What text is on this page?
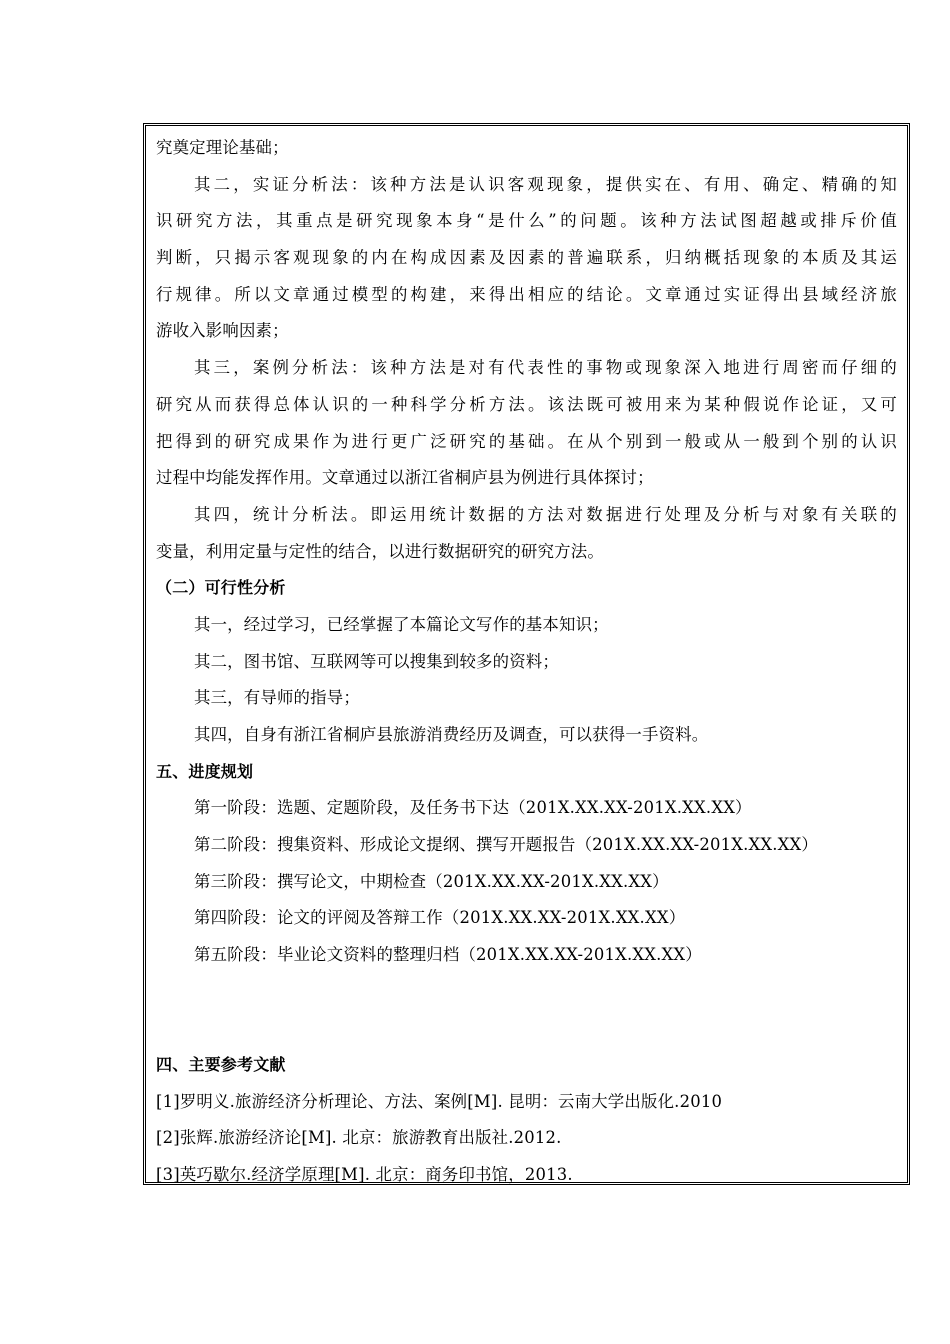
究奠定理论基础；
其二，实证分析法：该种方法是认识客观现象，提供实在、有用、确定、精确的知
识研究方法，其重点是研究现象本身“是什么”的问题。该种方法试图超越或排斥价值
判断，只揭示客观现象的内在构成因素及因素的普遍联系，归纳概括现象的本质及其运
行规律。所以文章通过模型的构建，来得出相应的结论。文章通过实证得出县域经济旅
游收入影响因素；
其三，案例分析法：该种方法是对有代表性的事物或现象深入地进行周密而仔细的
研究从而获得总体认识的一种科学分析方法。该法既可被用来为某种假说作论证，又可
把得到的研究成果作为进行更广泛研究的基础。在从个别到一般或从一般到个别的认识
过程中均能发挥作用。文章通过以浙江省桐庐县为例进行具体探讨；
其四，统计分析法。即运用统计数据的方法对数据进行处理及分析与对象有关联的
变量，利用定量与定性的结合，以进行数据研究的研究方法。
（二）可行性分析
其一，经过学习，已经掌握了本篇论文写作的基本知识；
其二，图书馆、互联网等可以搜集到较多的资料；
其三，有导师的指导；
其四，自身有浙江省桐庐县旅游消费经历及调查，可以获得一手资料。
五、进度规划
第一阶段：选题、定题阶段，及任务书下达（201X.XX.XX-201X.XX.XX）
第二阶段：搜集资料、形成论文提纲、撰写开题报告（201X.XX.XX-201X.XX.XX）
第三阶段：撰写论文，中期检查（201X.XX.XX-201X.XX.XX）
第四阶段：论文的评阅及答辩工作（201X.XX.XX-201X.XX.XX）
第五阶段：毕业论文资料的整理归档（201X.XX.XX-201X.XX.XX）
四、主要参考文献
[1]罗明义.旅游经济分析理论、方法、案例[M]. 昆明：云南大学出版化.2010
[2]张辉.旅游经济论[M]. 北京：旅游教育出版社.2012.
[3]英巧歇尔.经济学原理[M]. 北京：商务印书馆，2013.
